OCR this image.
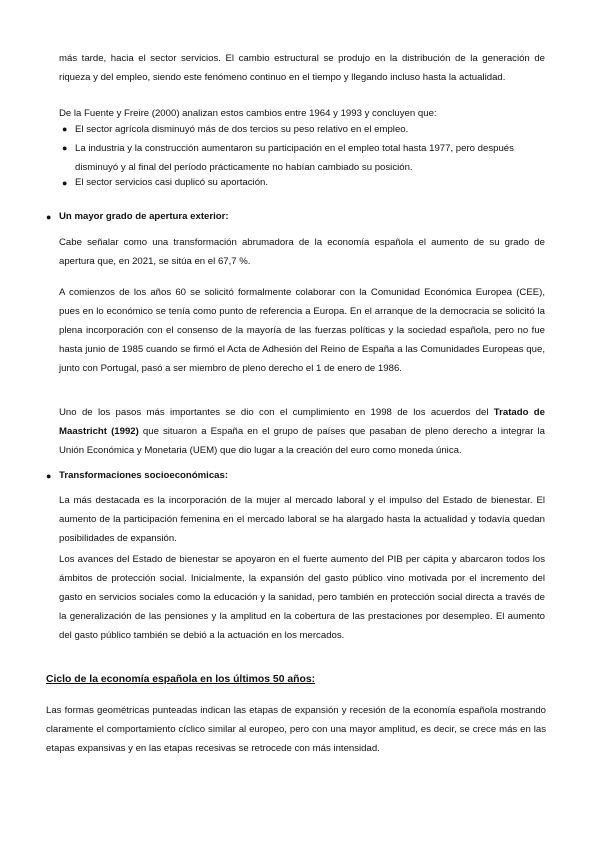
más tarde, hacia el sector servicios. El cambio estructural se produjo en la distribución de la generación de riqueza y del empleo, siendo este fenómeno continuo en el tiempo y llegando incluso hasta la actualidad.

De la Fuente y Freire (2000) analizan estos cambios entre 1964 y 1993 y concluyen que:

● El sector agrícola disminuyó más de dos tercios su peso relativo en el empleo.

● La industria y la construcción aumentaron su participación en el empleo total hasta 1977, pero después disminuyó y al final del período prácticamente no habían cambiado su posición.

● El sector servicios casi duplicó su aportación.

● Un mayor grado de apertura exterior:

Cabe señalar como una transformación abrumadora de la economía española el aumento de su grado de apertura que, en 2021, se sitúa en el 67,7 %.

A comienzos de los años 60 se solicitó formalmente colaborar con la Comunidad Económica Europea (CEE), pues en lo económico se tenía como punto de referencia a Europa. En el arranque de la democracia se solicitó la plena incorporación con el consenso de la mayoría de las fuerzas políticas y la sociedad española, pero no fue hasta junio de 1985 cuando se firmó el Acta de Adhesión del Reino de España a las Comunidades Europeas que, junto con Portugal, pasó a ser miembro de pleno derecho el 1 de enero de 1986.

Uno de los pasos más importantes se dio con el cumplimiento en 1998 de los acuerdos del Tratado de Maastricht (1992) que situaron a España en el grupo de países que pasaban de pleno derecho a integrar la Unión Económica y Monetaria (UEM) que dio lugar a la creación del euro como moneda única.

● Transformaciones socioeconómicas:

La más destacada es la incorporación de la mujer al mercado laboral y el impulso del Estado de bienestar. El aumento de la participación femenina en el mercado laboral se ha alargado hasta la actualidad y todavía quedan posibilidades de expansión.

Los avances del Estado de bienestar se apoyaron en el fuerte aumento del PIB per cápita y abarcaron todos los ámbitos de protección social. Inicialmente, la expansión del gasto público vino motivada por el incremento del gasto en servicios sociales como la educación y la sanidad, pero también en protección social directa a través de la generalización de las pensiones y la amplitud en la cobertura de las prestaciones por desempleo. El aumento del gasto público también se debió a la actuación en los mercados.

Ciclo de la economía española en los últimos 50 años:

Las formas geométricas punteadas indican las etapas de expansión y recesión de la economía española mostrando claramente el comportamiento cíclico similar al europeo, pero con una mayor amplitud, es decir, se crece más en las etapas expansivas y en las etapas recesivas se retrocede con más intensidad.
